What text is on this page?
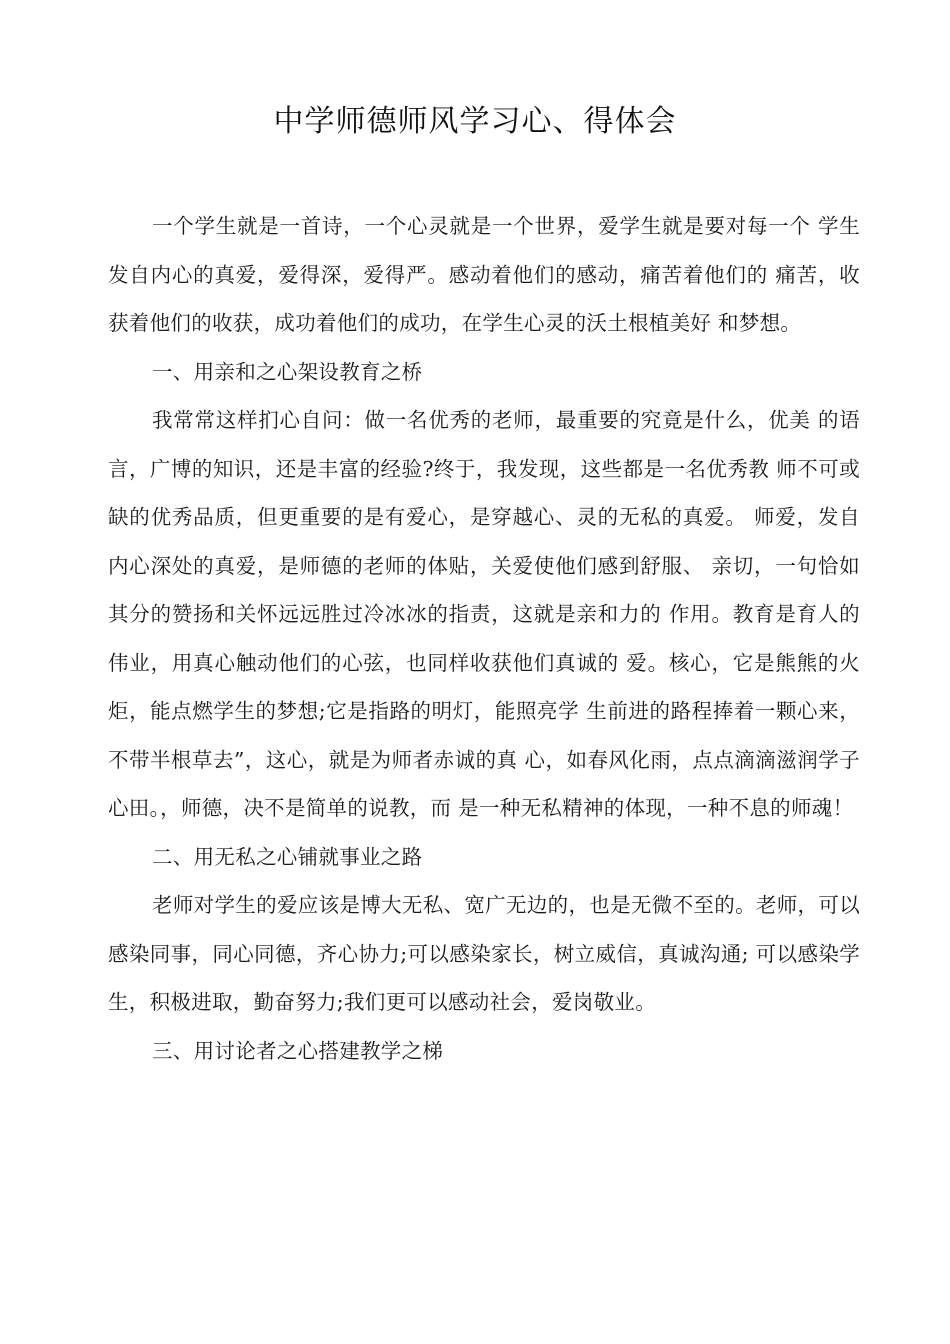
中学师德师风学习心、得体会

一个学生就是一首诗，一个心灵就是一个世界，爱学生就是要对每一个 学生发自内心的真爱，爱得深，爱得严。感动着他们的感动，痛苦着他们的 痛苦，收获着他们的收获，成功着他们的成功，在学生心灵的沃土根植美好 和梦想。

一、用亲和之心架设教育之桥

我常常这样扪心自问：做一名优秀的老师，最重要的究竟是什么，优美 的语言，广博的知识，还是丰富的经验?终于，我发现，这些都是一名优秀教 师不可或缺的优秀品质，但更重要的是有爱心，是穿越心、灵的无私的真爱。 师爱，发自内心深处的真爱，是师德的老师的体贴，关爱使他们感到舒服、 亲切，一句恰如其分的赞扬和关怀远远胜过冷冰冰的指责，这就是亲和力的 作用。教育是育人的伟业，用真心触动他们的心弦，也同样收获他们真诚的 爱。核心，它是熊熊的火炬，能点燃学生的梦想;它是指路的明灯，能照亮学 生前进的路程捧着一颗心来，不带半根草去”，这心，就是为师者赤诚的真 心，如春风化雨，点点滴滴滋润学子心田。，师德，决不是简单的说教，而 是一种无私精神的体现，一种不息的师魂！

二、用无私之心铺就事业之路

老师对学生的爱应该是博大无私、宽广无边的，也是无微不至的。老师，可以感染同事，同心同德，齐心协力;可以感染家长，树立威信，真诚沟通; 可以感染学生，积极进取，勤奋努力;我们更可以感动社会，爱岗敬业。

三、用讨论者之心搭建教学之梯
